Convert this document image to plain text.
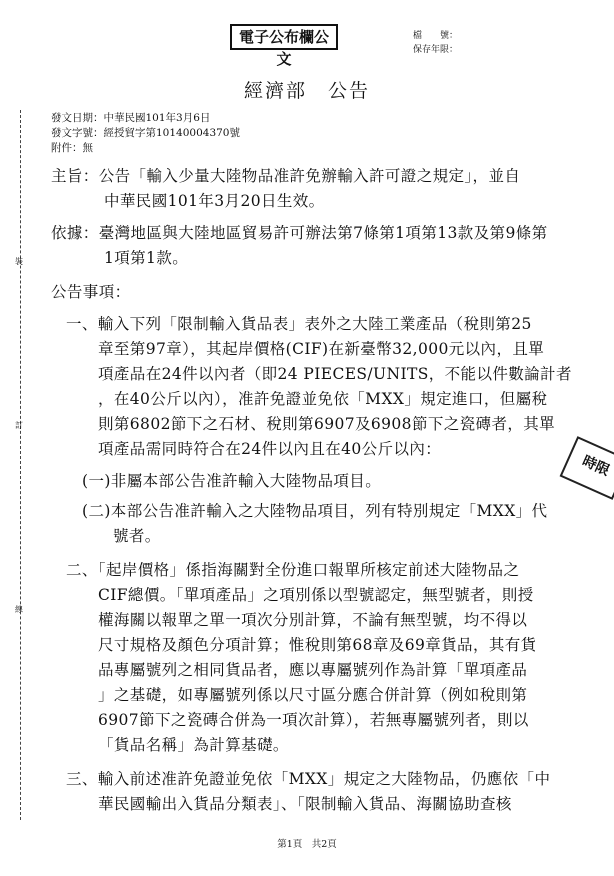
電子公布欄公文
檔　　號：
保存年限：
經濟部　公告
發文日期：中華民國101年3月6日
發文字號：經授貿字第10140004370號
附件：無
裝
訂
線
主旨：公告「輸入少量大陸物品准許免辦輸入許可證之規定」，並自
中華民國101年3月20日生效。
依據：臺灣地區與大陸地區貿易許可辦法第7條第1項第13款及第9條第
1項第1款。
公告事項：
一、輸入下列「限制輸入貨品表」表外之大陸工業產品（稅則第25
章至第97章），其起岸價格(CIF)在新臺幣32,000元以內，且單
項產品在24件以內者（即24 PIECES/UNITS，不能以件數論計者
，在40公斤以內），准許免證並免依「MXX」規定進口，但屬稅
則第6802節下之石材、稅則第6907及6908節下之瓷磚者，其單
項產品需同時符合在24件以內且在40公斤以內：
(一)非屬本部公告准許輸入大陸物品項目。
(二)本部公告准許輸入之大陸物品項目，列有特別規定「MXX」代
號者。
二、「起岸價格」係指海關對全份進口報單所核定前述大陸物品之
CIF總價。「單項產品」之項別係以型號認定，無型號者，則授
權海關以報單之單一項次分別計算，不論有無型號，均不得以
尺寸規格及顏色分項計算；惟稅則第68章及69章貨品，其有貨
品專屬號列之相同貨品者，應以專屬號列作為計算「單項產品
」之基礎，如專屬號列係以尺寸區分應合併計算（例如稅則第
6907節下之瓷磚合併為一項次計算），若無專屬號列者，則以
「貨品名稱」為計算基礎。
三、輸入前述准許免證並免依「MXX」規定之大陸物品，仍應依「中
華民國輸出入貨品分類表」、「限制輸入貨品、海關協助查核
時限
第1頁　共2頁
